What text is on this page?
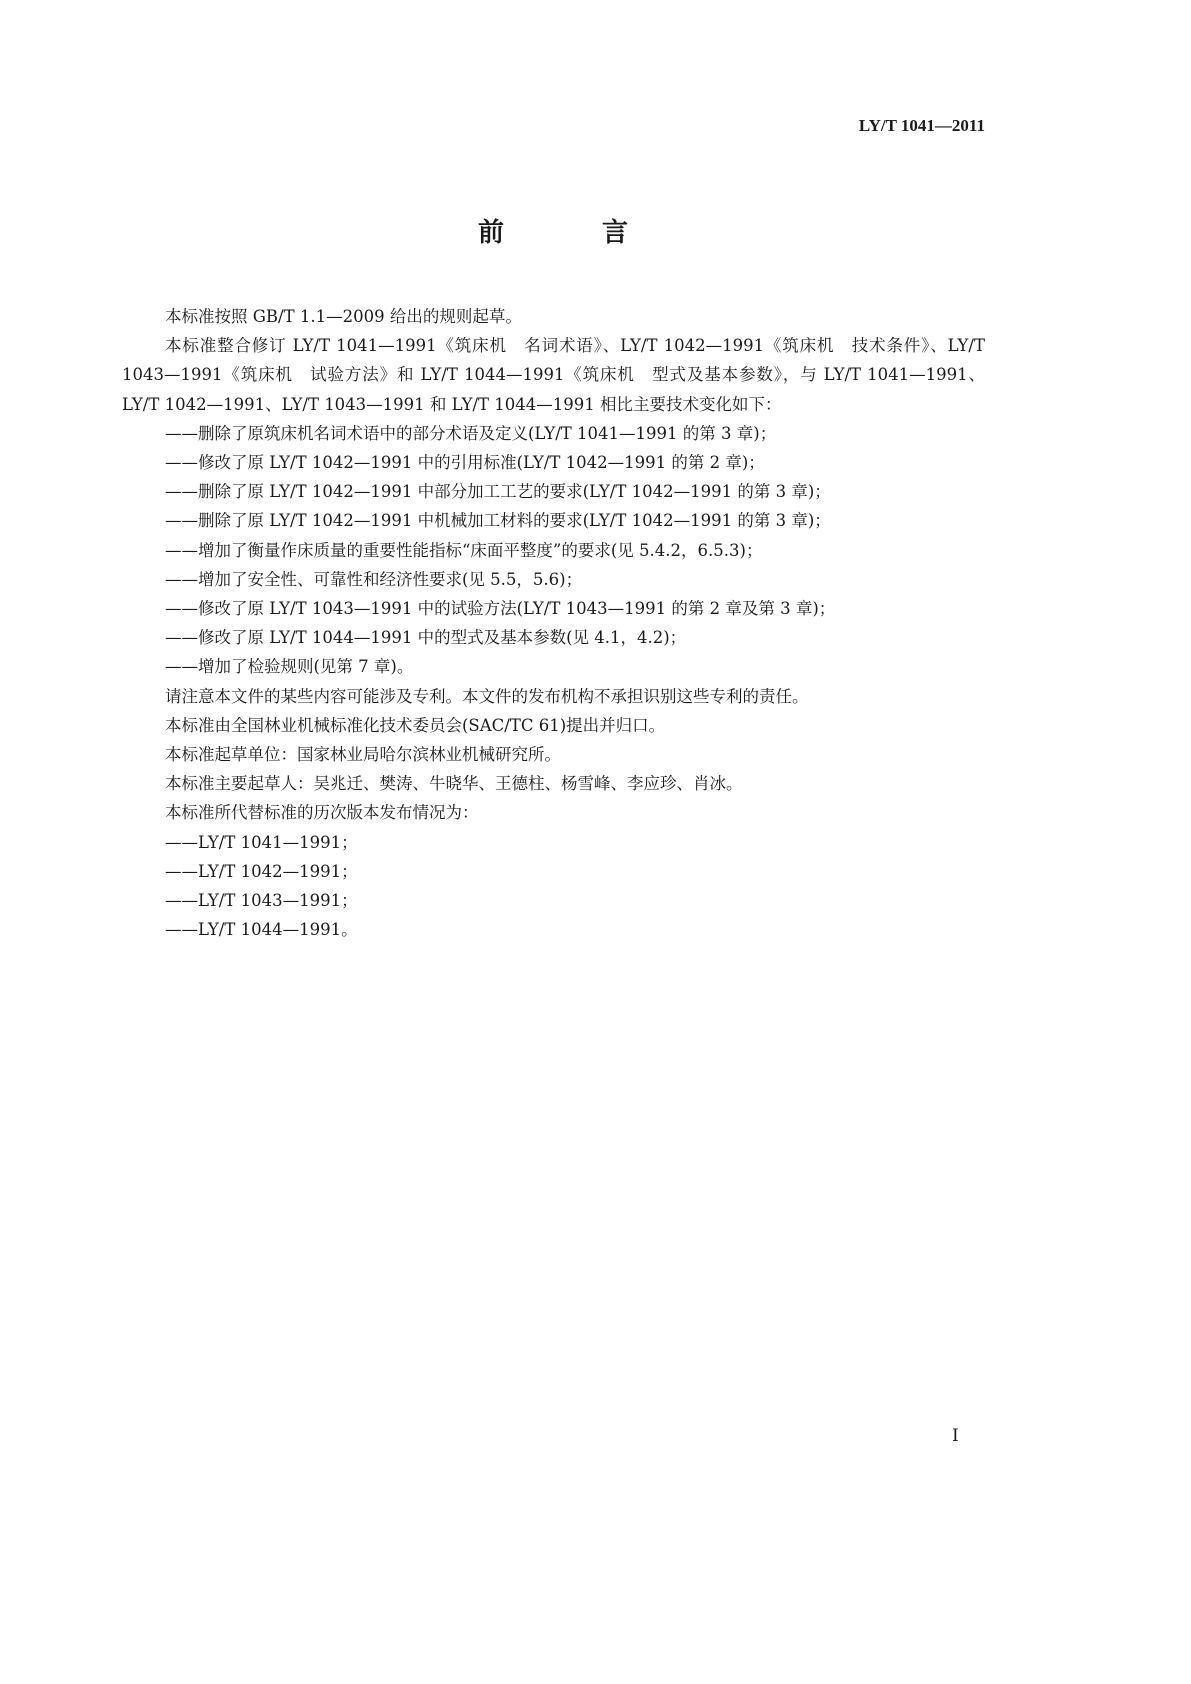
LY/T 1041—2011
前　言

本标准按照 GB/T 1.1—2009 给出的规则起草。

本标准整合修订 LY/T 1041—1991《筑床机　名词术语》、LY/T 1042—1991《筑床机　技术条件》、LY/T 1043—1991《筑床机　试验方法》和 LY/T 1044—1991《筑床机　型式及基本参数》，与 LY/T 1041—1991、LY/T 1042—1991、LY/T 1043—1991 和 LY/T 1044—1991 相比主要技术变化如下：

——删除了原筑床机名词术语中的部分术语及定义(LY/T 1041—1991 的第 3 章)；

——修改了原 LY/T 1042—1991 中的引用标准(LY/T 1042—1991 的第 2 章)；

——删除了原 LY/T 1042—1991 中部分加工工艺的要求(LY/T 1042—1991 的第 3 章)；

——删除了原 LY/T 1042—1991 中机械加工材料的要求(LY/T 1042—1991 的第 3 章)；

——增加了衡量作床质量的重要性能指标“床面平整度”的要求(见 5.4.2，6.5.3)；

——增加了安全性、可靠性和经济性要求(见 5.5，5.6)；

——修改了原 LY/T 1043—1991 中的试验方法(LY/T 1043—1991 的第 2 章及第 3 章)；

——修改了原 LY/T 1044—1991 中的型式及基本参数(见 4.1，4.2)；

——增加了检验规则(见第 7 章)。

请注意本文件的某些内容可能涉及专利。本文件的发布机构不承担识别这些专利的责任。

本标准由全国林业机械标准化技术委员会(SAC/TC 61)提出并归口。

本标准起草单位：国家林业局哈尔滨林业机械研究所。

本标准主要起草人：吴兆迁、樊涛、牛晓华、王德柱、杨雪峰、李应珍、肖冰。

本标准所代替标准的历次版本发布情况为：

——LY/T 1041—1991；

——LY/T 1042—1991；

——LY/T 1043—1991；

——LY/T 1044—1991。

I
